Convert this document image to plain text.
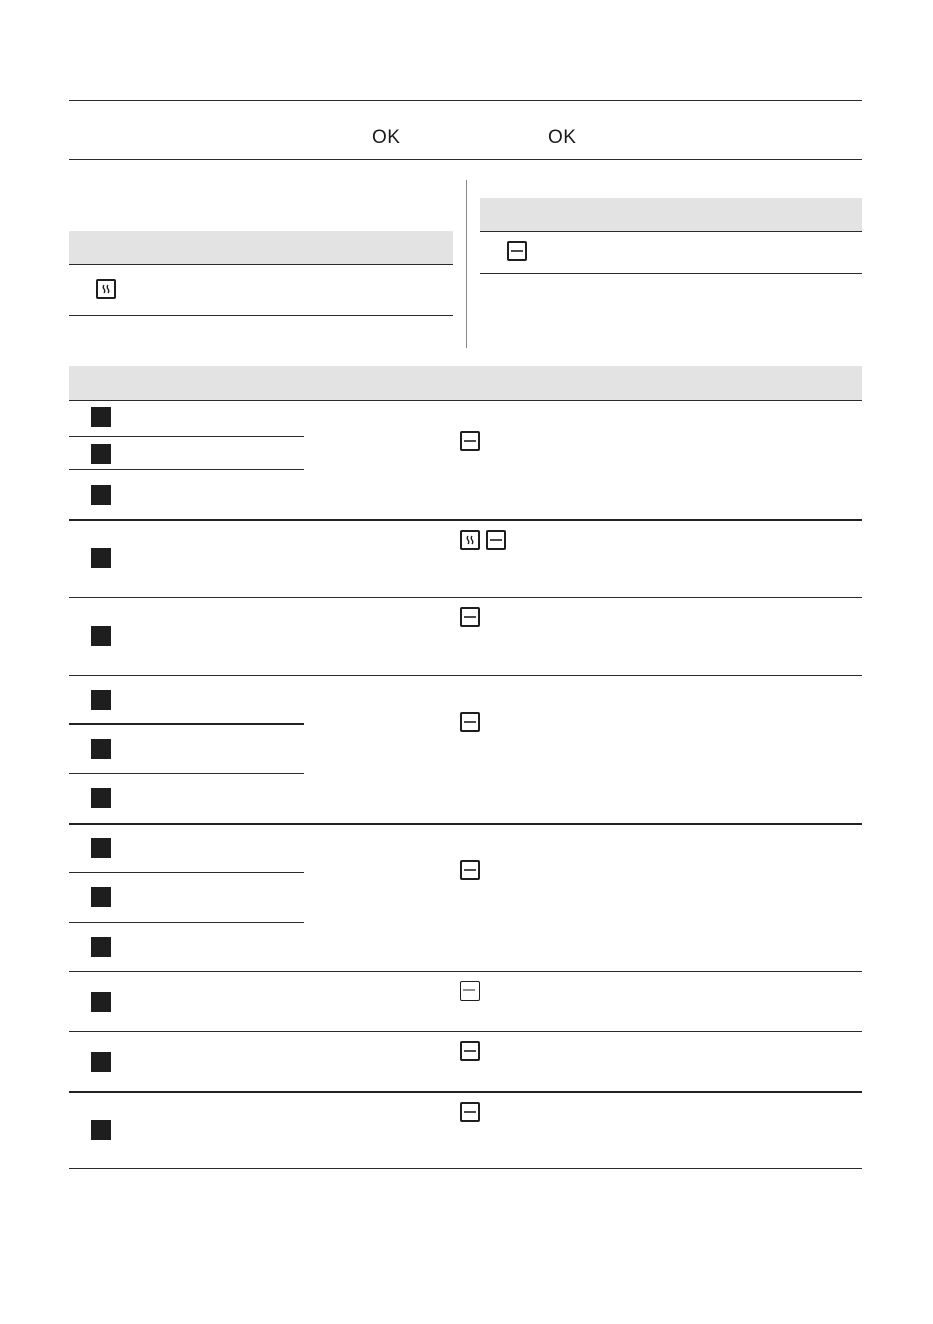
OK	OK
